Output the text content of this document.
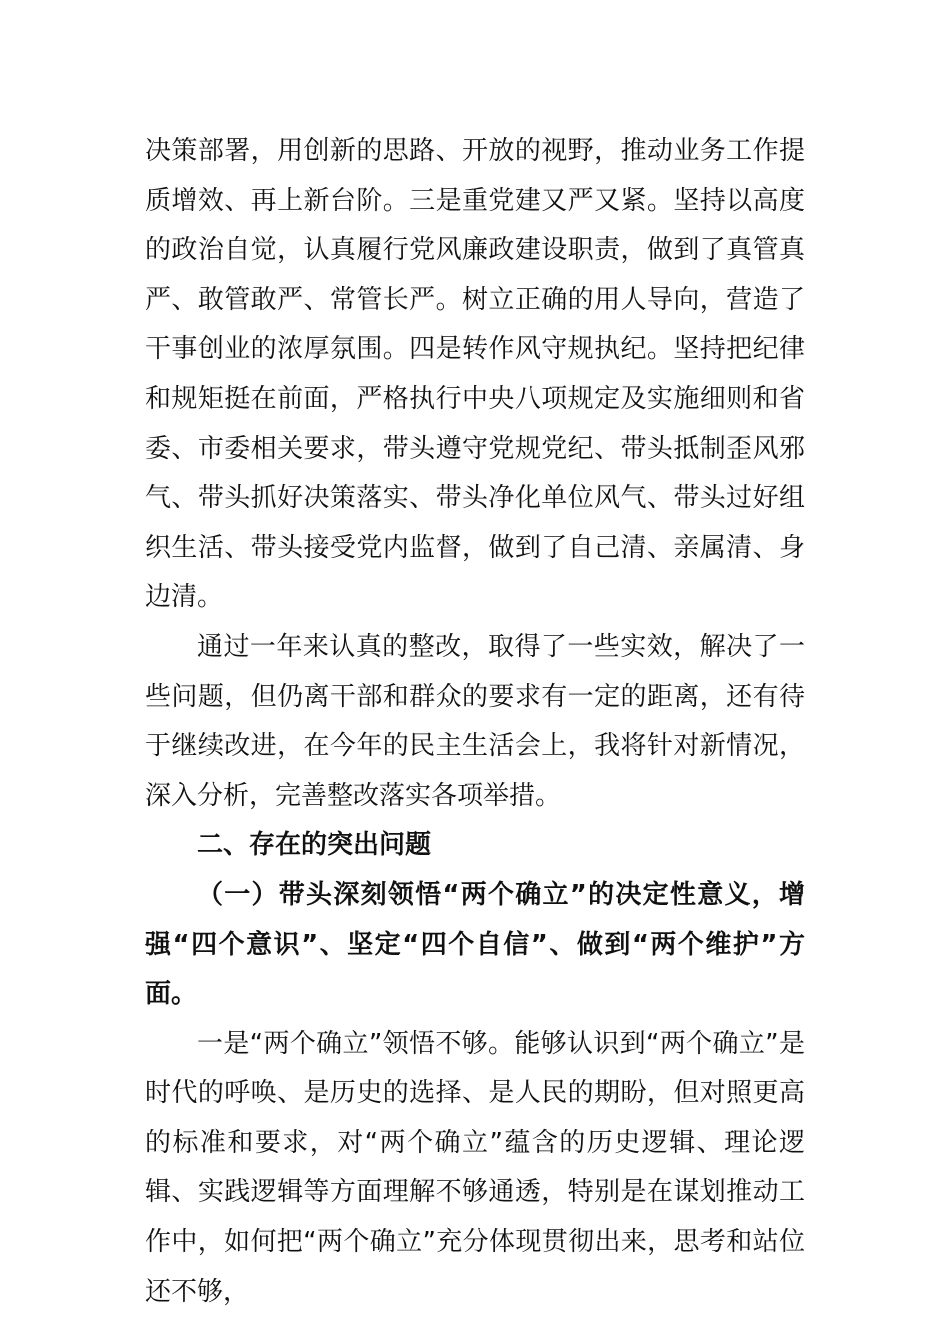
决策部署，用创新的思路、开放的视野，推动业务工作提质增效、再上新台阶。三是重党建又严又紧。坚持以高度的政治自觉，认真履行党风廉政建设职责，做到了真管真严、敢管敢严、常管长严。树立正确的用人导向，营造了干事创业的浓厚氛围。四是转作风守规执纪。坚持把纪律和规矩挺在前面，严格执行中央八项规定及实施细则和省委、市委相关要求，带头遵守党规党纪、带头抵制歪风邪气、带头抓好决策落实、带头净化单位风气、带头过好组织生活、带头接受党内监督，做到了自己清、亲属清、身边清。

通过一年来认真的整改，取得了一些实效，解决了一些问题，但仍离干部和群众的要求有一定的距离，还有待于继续改进，在今年的民主生活会上，我将针对新情况，深入分析，完善整改落实各项举措。

二、存在的突出问题

（一）带头深刻领悟“两个确立”的决定性意义，增强“四个意识”、坚定“四个自信”、做到“两个维护”方面。

一是“两个确立”领悟不够。能够认识到“两个确立”是时代的呼唤、是历史的选择、是人民的期盼，但对照更高的标准和要求，对“两个确立”蕴含的历史逻辑、理论逻辑、实践逻辑等方面理解不够通透，特别是在谋划推动工作中，如何把“两个确立”充分体现贯彻出来，思考和站位还不够，
